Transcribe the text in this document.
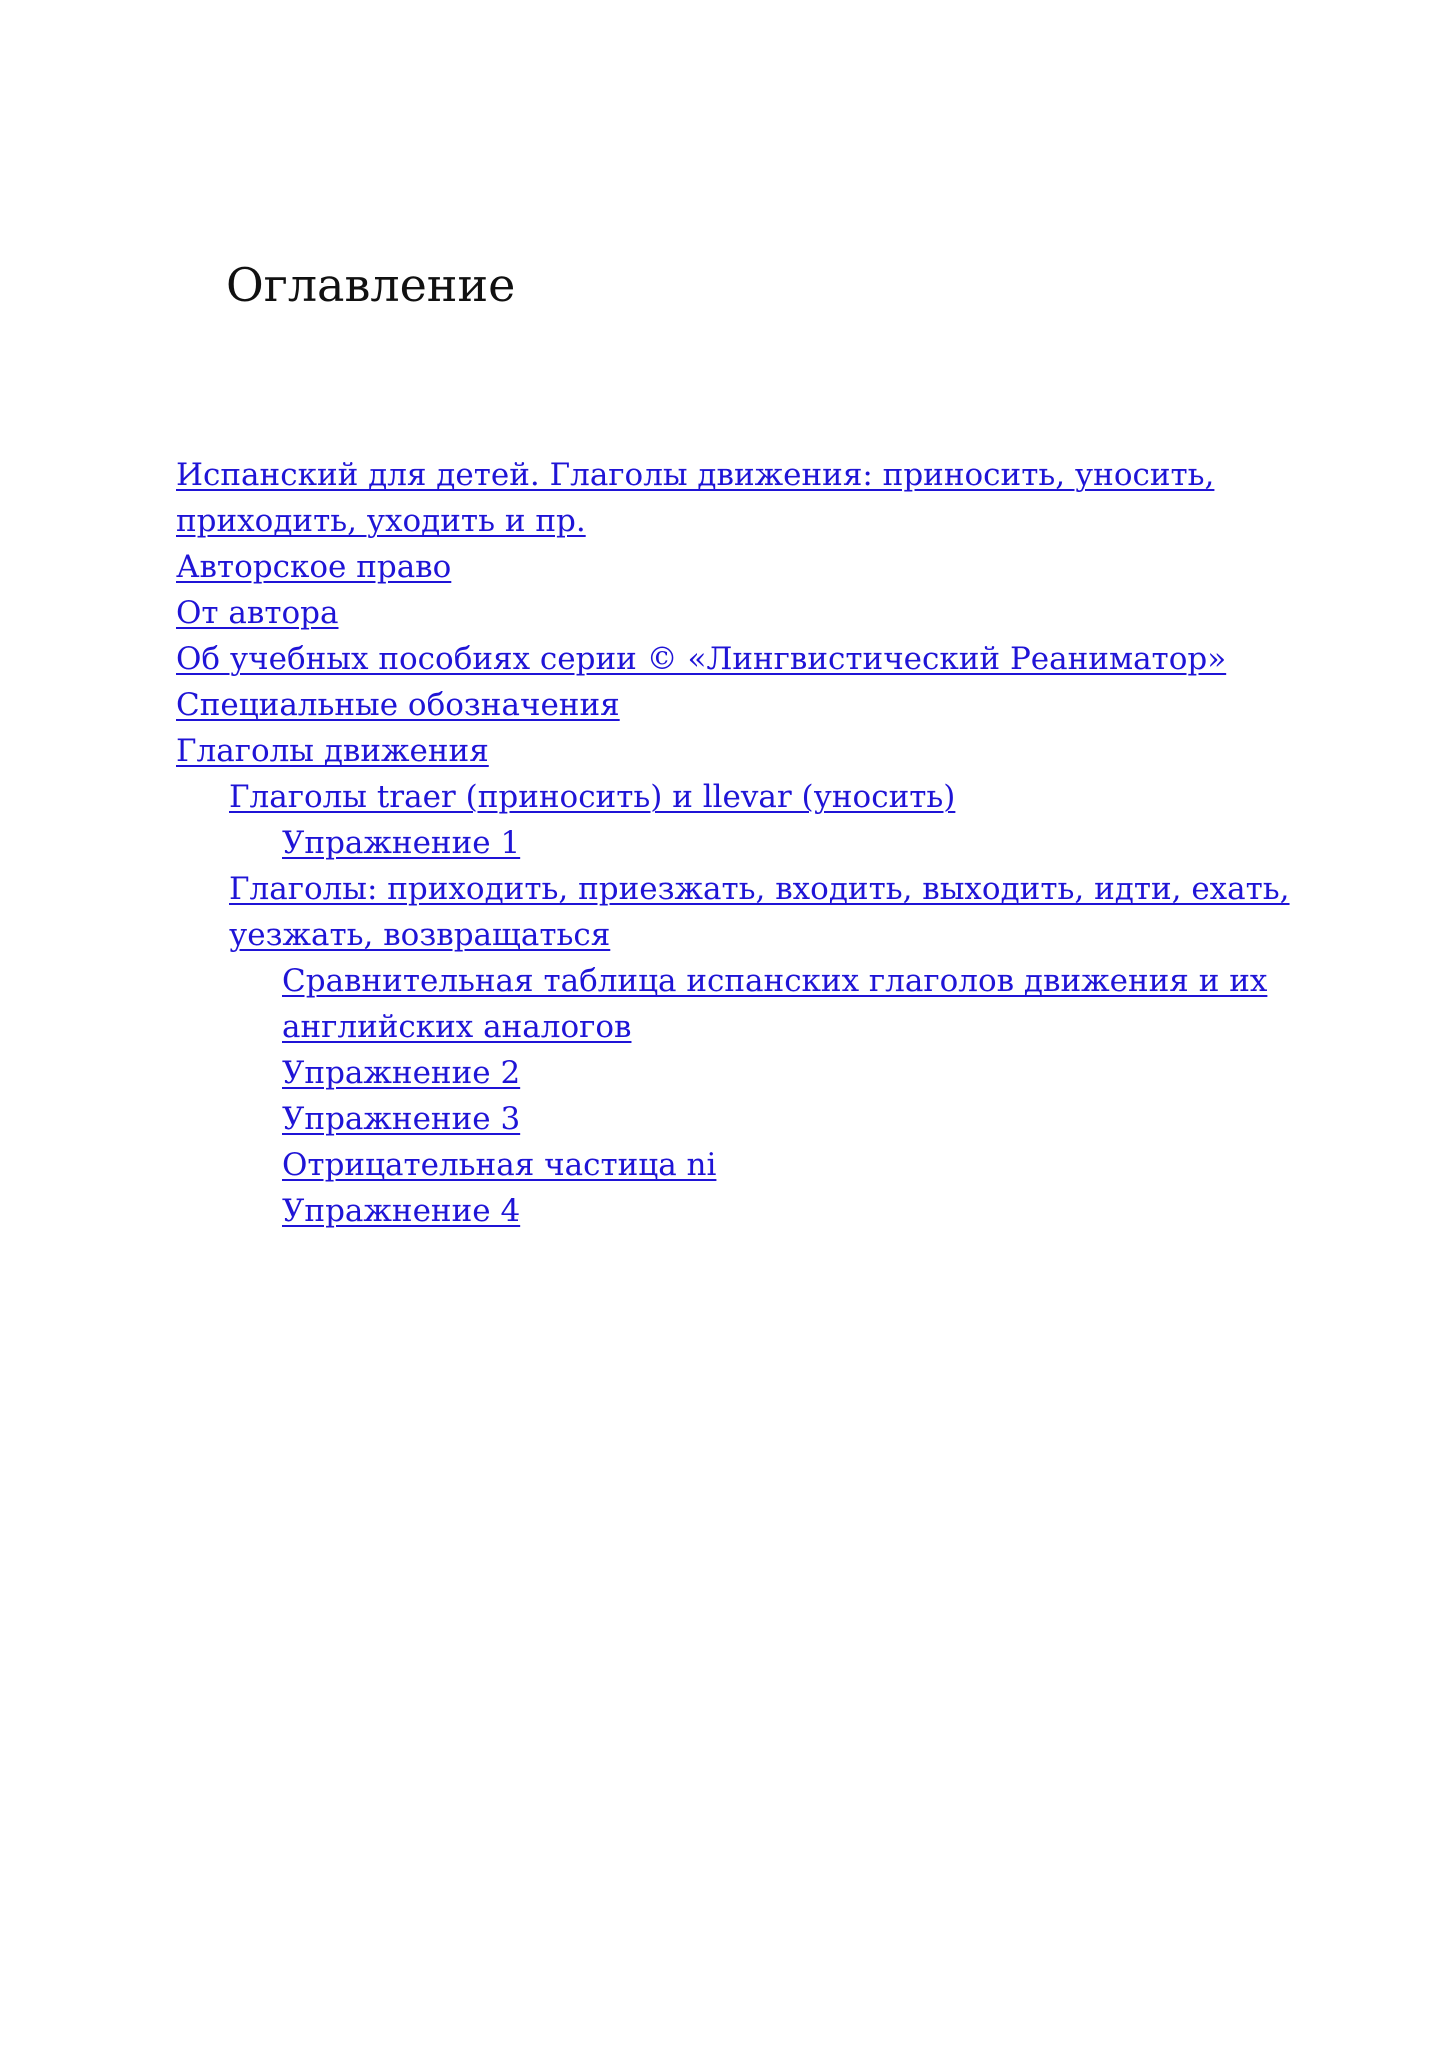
Оглавление
Испанский для детей. Глаголы движения: приносить, уносить, приходить, уходить и пр.
Авторское право
От автора
Об учебных пособиях серии © «Лингвистический Реаниматор»
Специальные обозначения
Глаголы движения
Глаголы traer (приносить) и llevar (уносить)
Упражнение 1
Глаголы: приходить, приезжать, входить, выходить, идти, ехать, уезжать, возвращаться
Сравнительная таблица испанских глаголов движения и их английских аналогов
Упражнение 2
Упражнение 3
Отрицательная частица ni
Упражнение 4
